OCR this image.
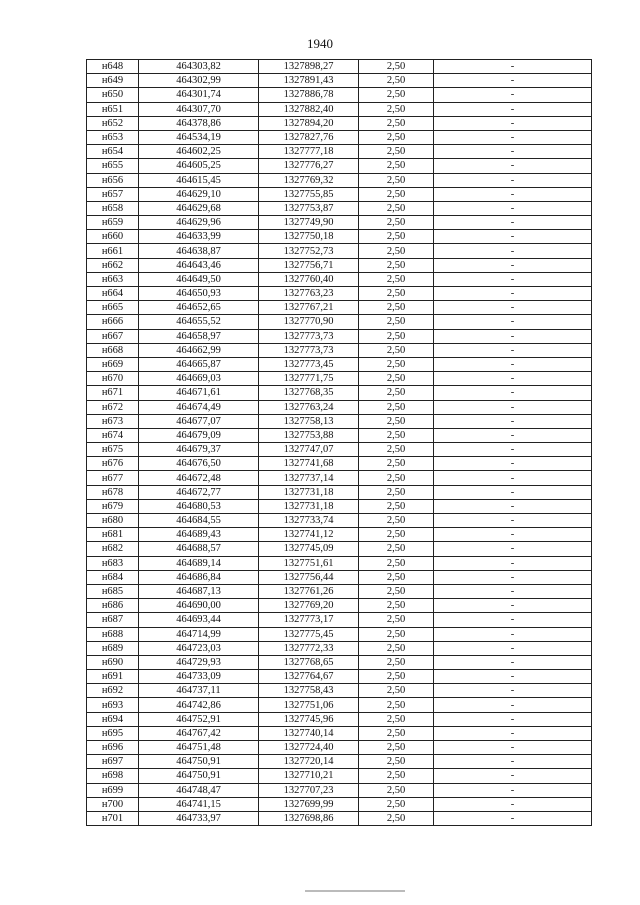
1940
н648	464303,82	1327898,27	2,50	-
н649	464302,99	1327891,43	2,50	-
н650	464301,74	1327886,78	2,50	-
н651	464307,70	1327882,40	2,50	-
н652	464378,86	1327894,20	2,50	-
н653	464534,19	1327827,76	2,50	-
н654	464602,25	1327777,18	2,50	-
н655	464605,25	1327776,27	2,50	-
н656	464615,45	1327769,32	2,50	-
н657	464629,10	1327755,85	2,50	-
н658	464629,68	1327753,87	2,50	-
н659	464629,96	1327749,90	2,50	-
н660	464633,99	1327750,18	2,50	-
н661	464638,87	1327752,73	2,50	-
н662	464643,46	1327756,71	2,50	-
н663	464649,50	1327760,40	2,50	-
н664	464650,93	1327763,23	2,50	-
н665	464652,65	1327767,21	2,50	-
н666	464655,52	1327770,90	2,50	-
н667	464658,97	1327773,73	2,50	-
н668	464662,99	1327773,73	2,50	-
н669	464665,87	1327773,45	2,50	-
н670	464669,03	1327771,75	2,50	-
н671	464671,61	1327768,35	2,50	-
н672	464674,49	1327763,24	2,50	-
н673	464677,07	1327758,13	2,50	-
н674	464679,09	1327753,88	2,50	-
н675	464679,37	1327747,07	2,50	-
н676	464676,50	1327741,68	2,50	-
н677	464672,48	1327737,14	2,50	-
н678	464672,77	1327731,18	2,50	-
н679	464680,53	1327731,18	2,50	-
н680	464684,55	1327733,74	2,50	-
н681	464689,43	1327741,12	2,50	-
н682	464688,57	1327745,09	2,50	-
н683	464689,14	1327751,61	2,50	-
н684	464686,84	1327756,44	2,50	-
н685	464687,13	1327761,26	2,50	-
н686	464690,00	1327769,20	2,50	-
н687	464693,44	1327773,17	2,50	-
н688	464714,99	1327775,45	2,50	-
н689	464723,03	1327772,33	2,50	-
н690	464729,93	1327768,65	2,50	-
н691	464733,09	1327764,67	2,50	-
н692	464737,11	1327758,43	2,50	-
н693	464742,86	1327751,06	2,50	-
н694	464752,91	1327745,96	2,50	-
н695	464767,42	1327740,14	2,50	-
н696	464751,48	1327724,40	2,50	-
н697	464750,91	1327720,14	2,50	-
н698	464750,91	1327710,21	2,50	-
н699	464748,47	1327707,23	2,50	-
н700	464741,15	1327699,99	2,50	-
н701	464733,97	1327698,86	2,50	-
